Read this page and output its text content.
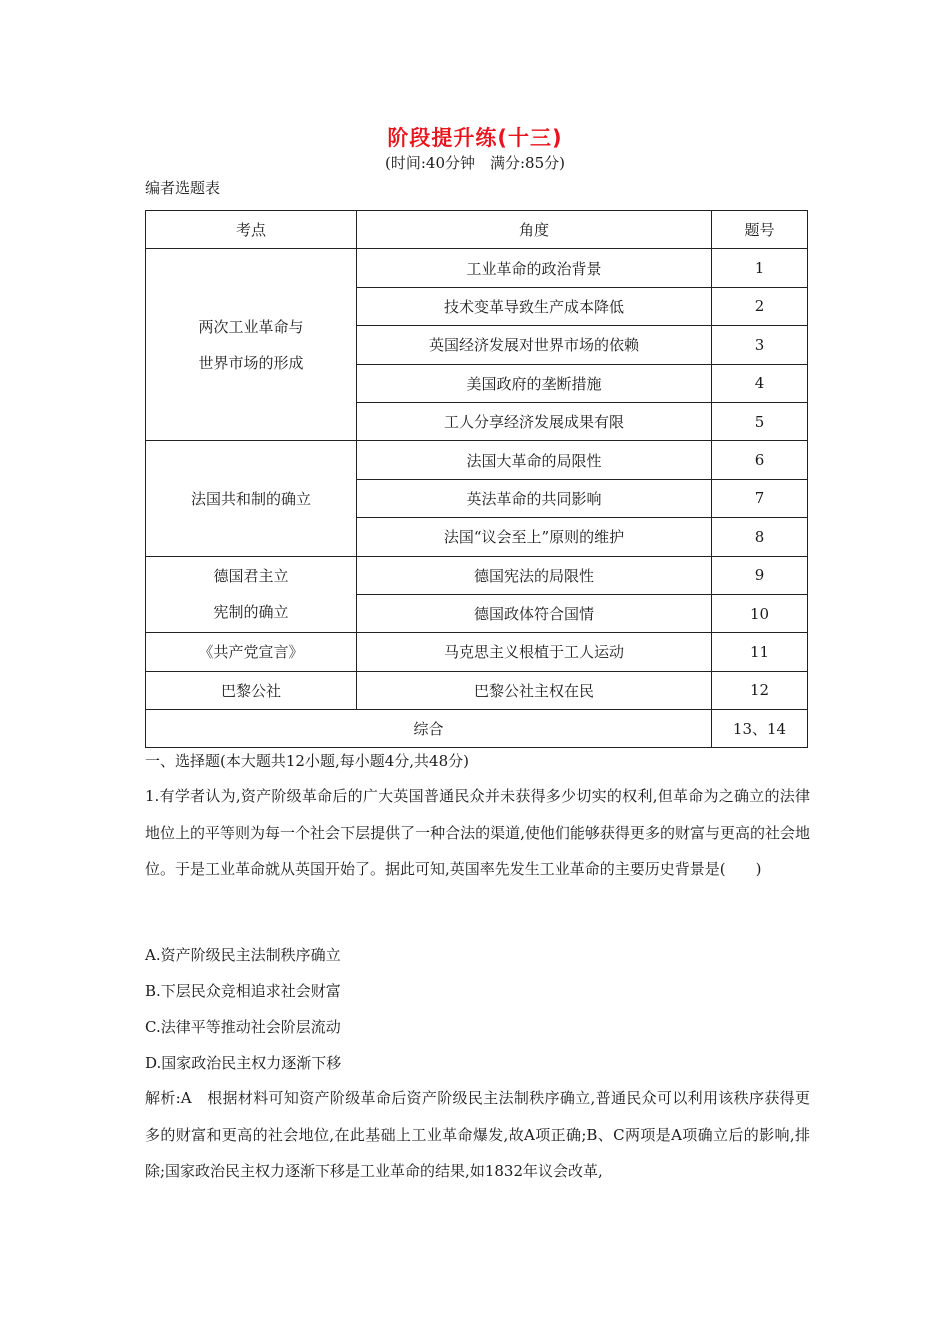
阶段提升练(十三)
(时间:40分钟　满分:85分)
编者选题表
考点	角度	题号

两次工业革命与
世界市场的形成	工业革命的政治背景	1
	技术变革导致生产成本降低	2
	英国经济发展对世界市场的依赖	3
	美国政府的垄断措施	4
	工人分享经济发展成果有限	5

法国共和制的确立	法国大革命的局限性	6
	英法革命的共同影响	7
	法国“议会至上”原则的维护	8

德国君主立
宪制的确立	德国宪法的局限性	9
	德国政体符合国情	10

《共产党宣言》	马克思主义根植于工人运动	11

巴黎公社	巴黎公社主权在民	12
综合		13、14
一、选择题(本大题共12小题,每小题4分,共48分)
1.有学者认为,资产阶级革命后的广大英国普通民众并未获得多少切实的权利,但革命为之确立的法律地位上的平等则为每一个社会下层提供了一种合法的渠道,使他们能够获得更多的财富与更高的社会地位。于是工业革命就从英国开始了。据此可知,英国率先发生工业革命的主要历史背景是(　　)
A.资产阶级民主法制秩序确立
B.下层民众竞相追求社会财富
C.法律平等推动社会阶层流动
D.国家政治民主权力逐渐下移
解析:A　根据材料可知资产阶级革命后资产阶级民主法制秩序确立,普通民众可以利用该秩序获得更多的财富和更高的社会地位,在此基础上工业革命爆发,故A项正确;B、C两项是A项确立后的影响,排除;国家政治民主权力逐渐下移是工业革命的结果,如1832年议会改革,
